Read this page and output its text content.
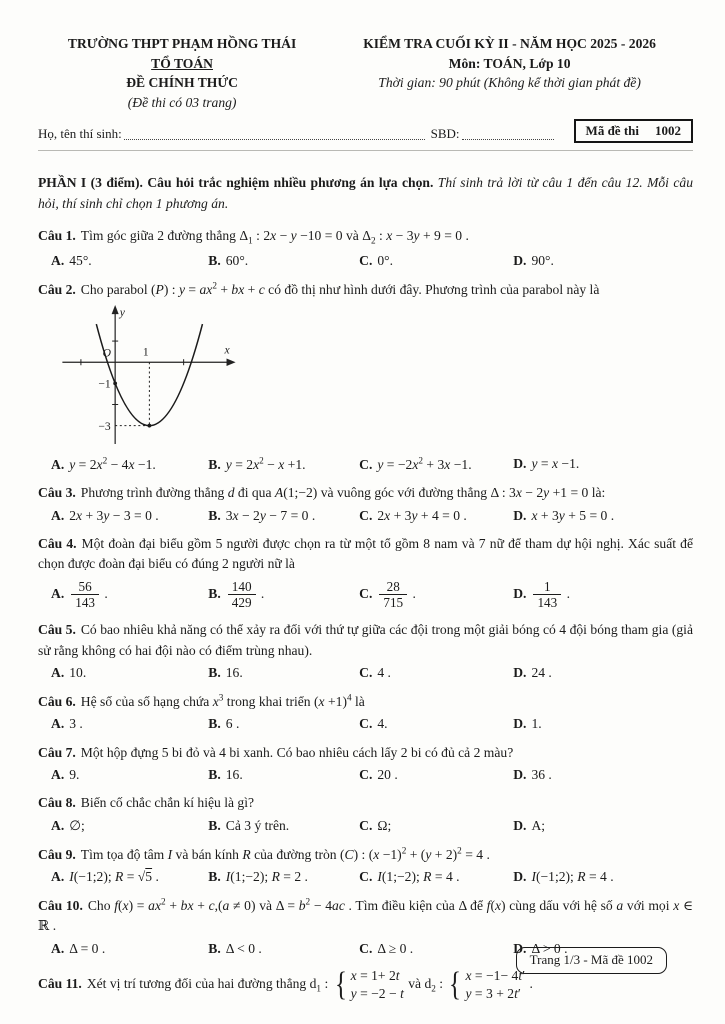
TRƯỜNG THPT PHẠM HỒNG THÁI
TỔ TOÁN
ĐỀ CHÍNH THỨC
(Đề thi có 03 trang)
KIỂM TRA CUỐI KỲ II - NĂM HỌC 2025 - 2026
Môn: TOÁN, Lớp 10
Thời gian: 90 phút (Không kể thời gian phát đề)
Họ, tên thí sinh:	SBD:	Mã đề thi 1002

PHẦN I (3 điểm). Câu hỏi trắc nghiệm nhiều phương án lựa chọn. Thí sinh trả lời từ câu 1 đến câu 12. Mỗi câu hỏi, thí sinh chỉ chọn 1 phương án.

Câu 1. Tìm góc giữa 2 đường thẳng $\Delta_1$ : 2x − y −10 = 0 và $\Delta_2$ : x − 3y + 9 = 0 .

A. 45°.	B. 60°.	C. 0°.	D. 90°.

Câu 2. Cho parabol (P) : $y = ax^2$ + bx + c có đồ thị như hình dưới đây. Phương trình của parabol này là

y
x
O	1
−1
−3
A. $y = 2x^2 - 4x -1$.	B. $y = 2x^2 - x +1$.	C. $y = -2x^2 + 3x -1$.	D. y = x −1.

Câu 3. Phương trình đường thẳng d đi qua A(1;−2) và vuông góc với đường thẳng Δ : 3x − 2y +1 = 0 là:

A. 2x + 3y − 3 = 0 .	B. 3x − 2y − 7 = 0 .	C. 2x + 3y + 4 = 0 .	D. x + 3y + 5 = 0 .

Câu 4. Một đoàn đại biểu gồm 5 người được chọn ra từ một tổ gồm 8 nam và 7 nữ để tham dự hội nghị. Xác suất để chọn được đoàn đại biểu có đúng 2 người nữ là

A. $\frac{56}{143}$ .	B. $\frac{140}{429}$ .	C. $\frac{28}{715}$ .	D. $\frac{1}{143}$ .

Câu 5. Có bao nhiêu khả năng có thể xảy ra đối với thứ tự giữa các đội trong một giải bóng có 4 đội bóng tham gia (giả sử rằng không có hai đội nào có điểm trùng nhau).

A. 10.	B. 16.	C. 4 .	D. 24 .

Câu 6. Hệ số của số hạng chứa $x^3$ trong khai triển $(x +1)^4$ là

A. 3 .	B. 6 .	C. 4.	D. 1.

Câu 7. Một hộp đựng 5 bi đỏ và 4 bi xanh. Có bao nhiêu cách lấy 2 bi có đủ cả 2 màu?

A. 9.	B. 16.	C. 20 .	D. 36 .

Câu 8. Biến cố chắc chắn kí hiệu là gì?

A. ∅;	B. Cả 3 ý trên.	C. Ω;	D. A;

Câu 9. Tìm tọa độ tâm I và bán kính R của đường tròn (C) : $(x -1)^2 + (y + 2)^2 = 4$ .

A. I(−1;2); R = √5 .	B. I(1;−2); R = 2 .	C. I(1;−2); R = 4 .	D. I(−1;2); R = 4 .

Câu 10. Cho $f(x) = ax^2$ + bx + c,(a ≠ 0) và $\Delta = b^2 - 4ac$ . Tìm điều kiện của Δ để f(x) cùng dấu với hệ số a với mọi x ∈ ℝ .

A. Δ = 0 .	B. Δ < 0 .	C. Δ ≥ 0 .	D. Δ > 0 .

Câu 11. Xét vị trí tương đối của hai đường thẳng $d_1$ : { x = 1+ 2t
y = −2 − t
và $d_2$ : { x = −1− 4t′
y = 3 + 2t′
.

Trang 1/3 - Mã đề 1002
